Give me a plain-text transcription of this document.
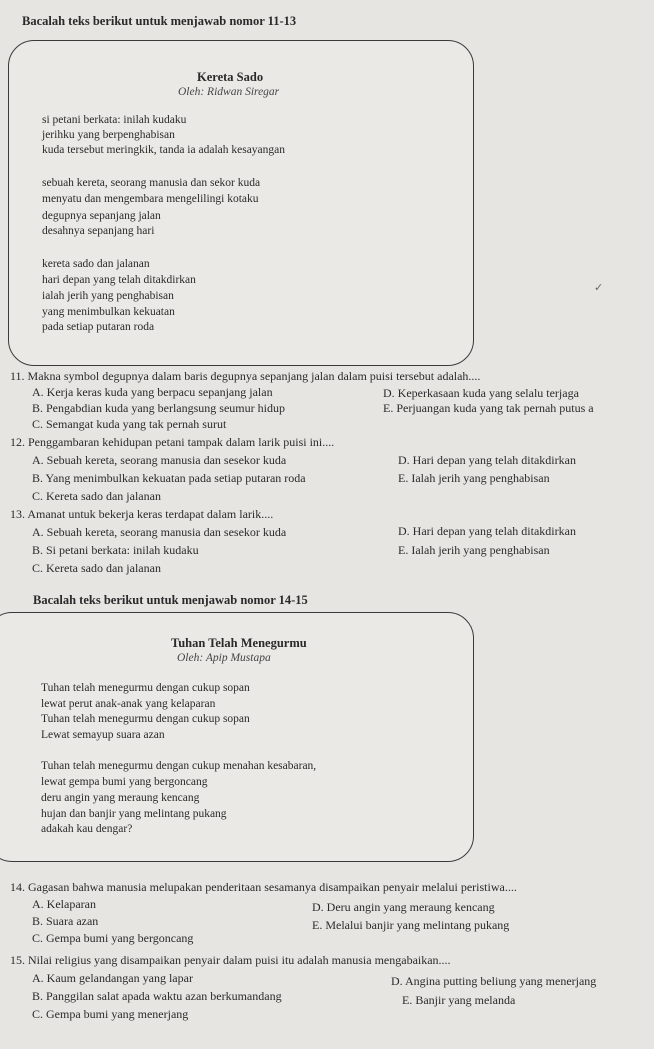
Bacalah teks berikut untuk menjawab nomor 11-13
Kereta Sado
Oleh: Ridwan Siregar
si petani berkata: inilah kudaku
jerihku yang berpenghabisan
kuda tersebut meringkik, tanda ia adalah kesayangan
sebuah kereta, seorang manusia dan sekor kuda
menyatu dan mengembara mengelilingi kotaku
degupnya sepanjang jalan
desahnya sepanjang hari
kereta sado dan jalanan
hari depan yang telah ditakdirkan
ialah jerih yang penghabisan
yang menimbulkan kekuatan
pada setiap putaran roda
11. Makna symbol degupnya dalam baris degupnya sepanjang jalan dalam puisi tersebut adalah....
A. Kerja keras kuda yang berpacu sepanjang jalan
B. Pengabdian kuda yang berlangsung seumur hidup
C. Semangat kuda yang tak pernah surut
D. Keperkasaan kuda yang selalu terjaga
E. Perjuangan kuda yang tak pernah putus a
12. Penggambaran kehidupan petani tampak dalam larik puisi ini....
A. Sebuah kereta, seorang manusia dan sesekor kuda
B. Yang menimbulkan kekuatan pada setiap putaran roda
C. Kereta sado dan jalanan
D. Hari depan yang telah ditakdirkan
E. Ialah jerih yang penghabisan
13. Amanat untuk bekerja keras terdapat dalam larik....
A. Sebuah kereta, seorang manusia dan sesekor kuda
B. Si petani berkata: inilah kudaku
C. Kereta sado dan jalanan
D. Hari depan yang telah ditakdirkan
E. Ialah jerih yang penghabisan
Bacalah teks berikut untuk menjawab nomor 14-15
Tuhan Telah Menegurmu
Oleh: Apip Mustapa
Tuhan telah menegurmu dengan cukup sopan
lewat perut anak-anak yang kelaparan
Tuhan telah menegurmu dengan cukup sopan
Lewat semayup suara azan
Tuhan telah menegurmu dengan cukup menahan kesabaran,
lewat gempa bumi yang bergoncang
deru angin yang meraung kencang
hujan dan banjir yang melintang pukang
adakah kau dengar?
14. Gagasan bahwa manusia melupakan penderitaan sesamanya disampaikan penyair melalui peristiwa....
A. Kelaparan
B. Suara azan
C. Gempa bumi yang bergoncang
D. Deru angin yang meraung kencang
E. Melalui banjir yang melintang pukang
15. Nilai religius yang disampaikan penyair dalam puisi itu adalah manusia mengabaikan....
A. Kaum gelandangan yang lapar
B. Panggilan salat apada waktu azan berkumandang
C. Gempa bumi yang menerjang
D. Angina putting beliung yang menerjang
E. Banjir yang melanda
✓
